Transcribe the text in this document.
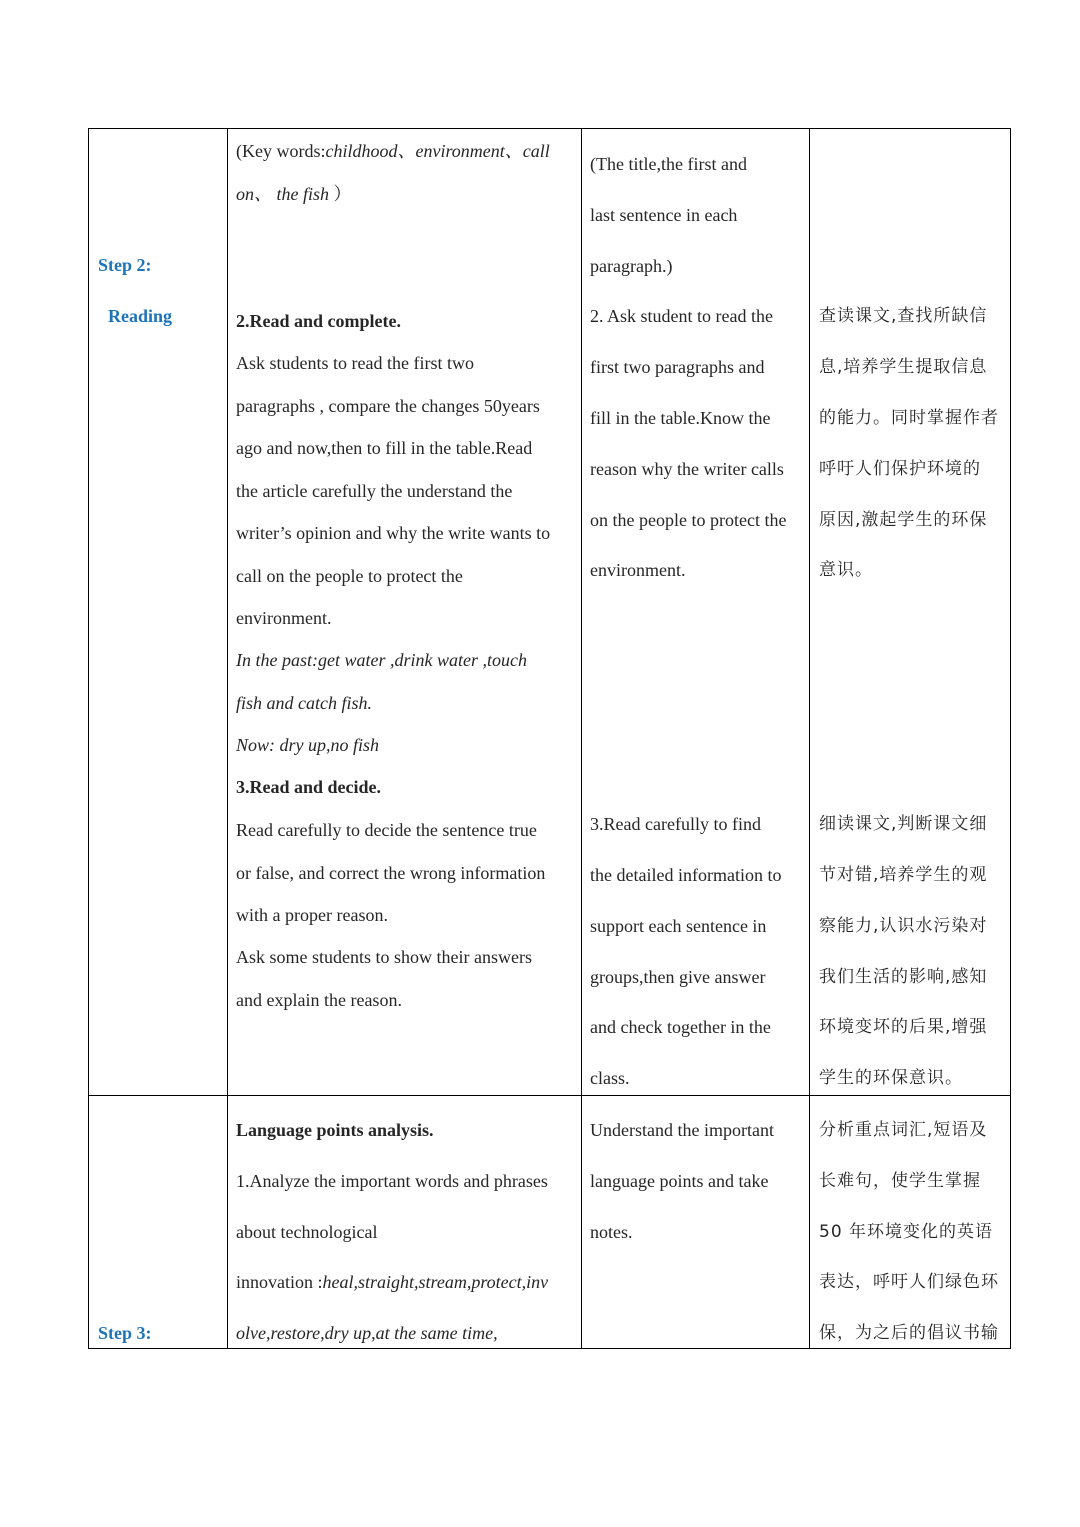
Step 2:
Reading
Step 3:
(Key words:childhood、environment、call
on、 the fish ）
2.Read and complete.
Ask students to read the first two
paragraphs , compare the changes 50years
ago and now,then to fill in the table.Read
the article carefully the understand the
writer’s opinion and why the write wants to
call on the people to protect the
environment.
In the past:get water ,drink water ,touch
fish and catch fish.
Now: dry up,no fish
3.Read and decide.
Read carefully to decide the sentence true
or false, and correct the wrong information
with a proper reason.
Ask some students to show their answers
and explain the reason.
(The title,the first and
last sentence in each
paragraph.)
2. Ask student to read the
first two paragraphs and
fill in the table.Know the
reason why the writer calls
on the people to protect the
environment.
3.Read carefully to find
the detailed information to
support each sentence in
groups,then give answer
and check together in the
class.
查读课文,查找所缺信
息,培养学生提取信息
的能力。同时掌握作者
呼吁人们保护环境的
原因,激起学生的环保
意识。
细读课文,判断课文细
节对错,培养学生的观
察能力,认识水污染对
我们生活的影响,感知
环境变坏的后果,增强
学生的环保意识。
Language points analysis.
1.Analyze the important words and phrases
about technological
innovation :heal,straight,stream,protect,inv
olve,restore,dry up,at the same time,
Understand the important
language points and take
notes.
分析重点词汇,短语及
长难句，使学生掌握
50 年环境变化的英语
表达，呼吁人们绿色环
保，为之后的倡议书输
